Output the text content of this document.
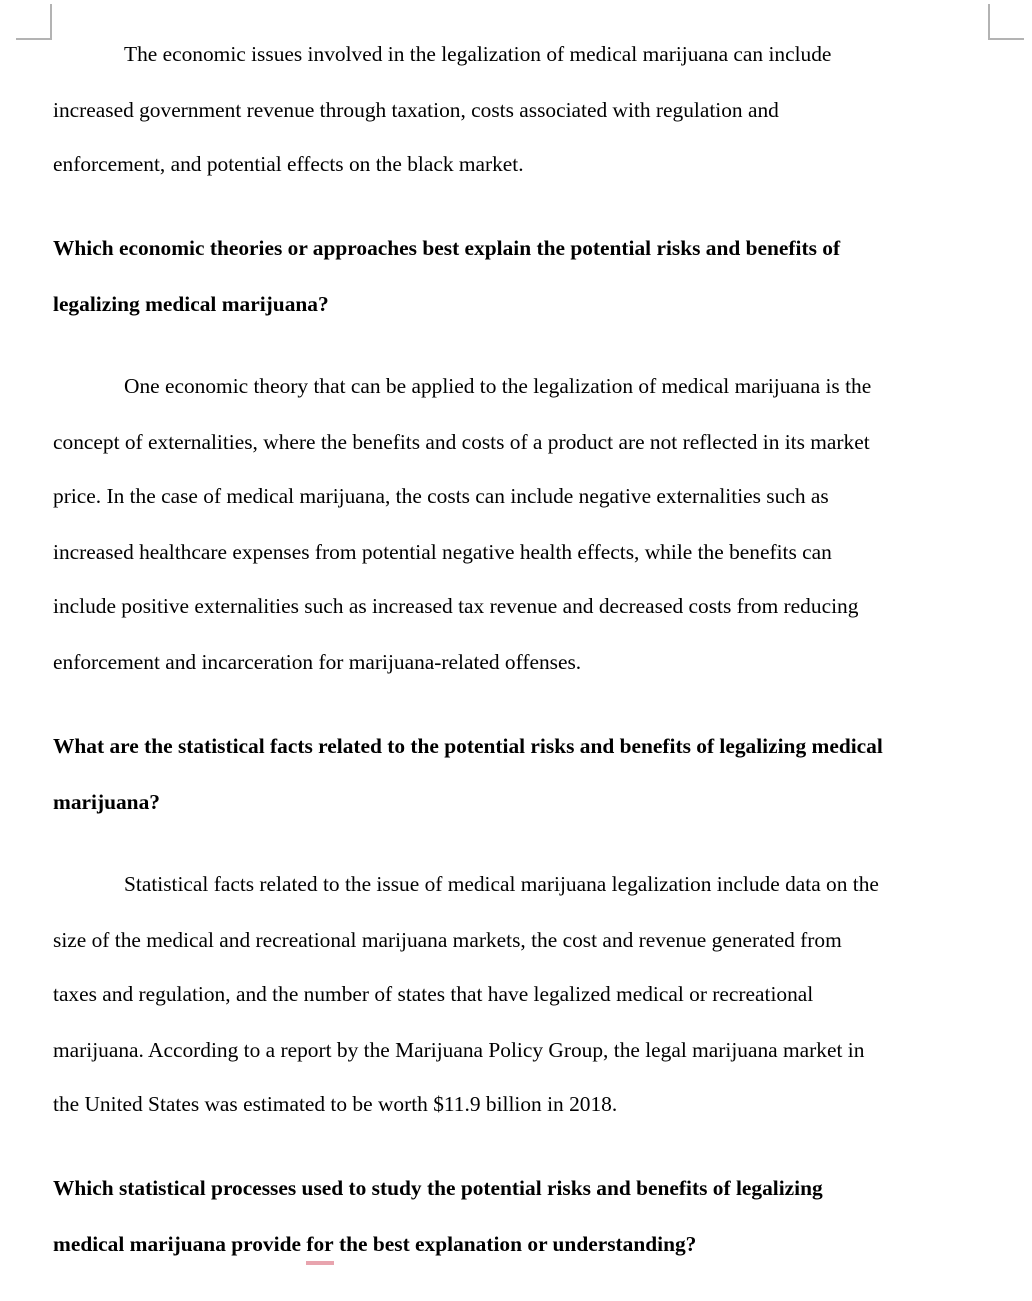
The economic issues involved in the legalization of medical marijuana can include
increased government revenue through taxation, costs associated with regulation and
enforcement, and potential effects on the black market.
Which economic theories or approaches best explain the potential risks and benefits of
legalizing medical marijuana?
One economic theory that can be applied to the legalization of medical marijuana is the
concept of externalities, where the benefits and costs of a product are not reflected in its market
price. In the case of medical marijuana, the costs can include negative externalities such as
increased healthcare expenses from potential negative health effects, while the benefits can
include positive externalities such as increased tax revenue and decreased costs from reducing
enforcement and incarceration for marijuana-related offenses.
What are the statistical facts related to the potential risks and benefits of legalizing medical
marijuana?
Statistical facts related to the issue of medical marijuana legalization include data on the
size of the medical and recreational marijuana markets, the cost and revenue generated from
taxes and regulation, and the number of states that have legalized medical or recreational
marijuana. According to a report by the Marijuana Policy Group, the legal marijuana market in
the United States was estimated to be worth $11.9 billion in 2018.
Which statistical processes used to study the potential risks and benefits of legalizing
medical marijuana provide for the best explanation or understanding?
